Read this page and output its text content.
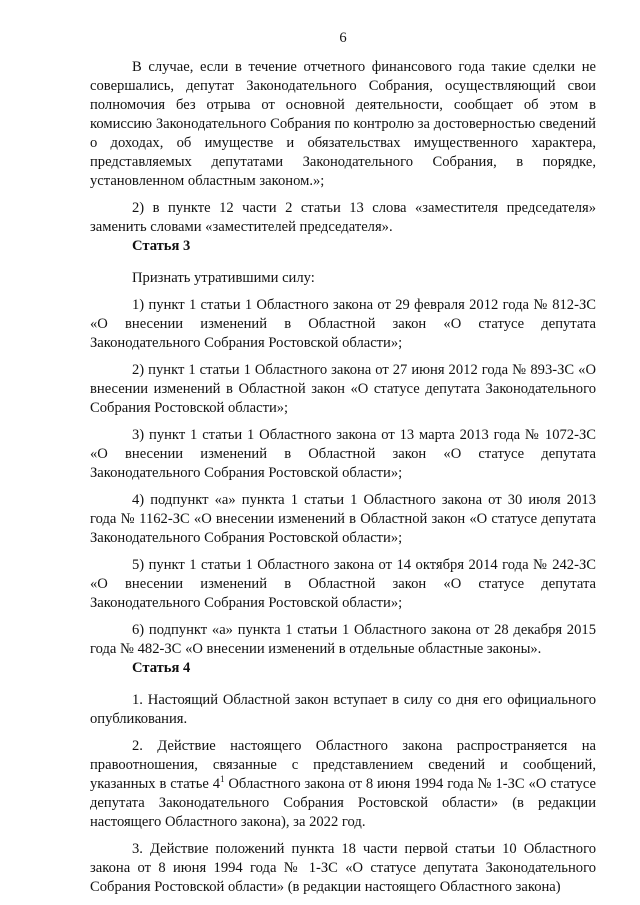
6

В случае, если в течение отчетного финансового года такие сделки не совершались, депутат Законодательного Собрания, осуществляющий свои полномочия без отрыва от основной деятельности, сообщает об этом в комиссию Законодательного Собрания по контролю за достоверностью сведений о доходах, об имуществе и обязательствах имущественного характера, представляемых депутатами Законодательного Собрания, в порядке, установленном областным законом.»;

2) в пункте 12 части 2 статьи 13 слова «заместителя председателя» заменить словами «заместителей председателя».

Статья 3

Признать утратившими силу:

1) пункт 1 статьи 1 Областного закона от 29 февраля 2012 года № 812-ЗС «О внесении изменений в Областной закон «О статусе депутата Законодательного Собрания Ростовской области»;

2) пункт 1 статьи 1 Областного закона от 27 июня 2012 года № 893-ЗС «О внесении изменений в Областной закон «О статусе депутата Законодательного Собрания Ростовской области»;

3) пункт 1 статьи 1 Областного закона от 13 марта 2013 года № 1072-ЗС «О внесении изменений в Областной закон «О статусе депутата Законодательного Собрания Ростовской области»;

4) подпункт «а» пункта 1 статьи 1 Областного закона от 30 июля 2013 года № 1162-ЗС «О внесении изменений в Областной закон «О статусе депутата Законодательного Собрания Ростовской области»;

5) пункт 1 статьи 1 Областного закона от 14 октября 2014 года № 242-ЗС «О внесении изменений в Областной закон «О статусе депутата Законодательного Собрания Ростовской области»;

6) подпункт «а» пункта 1 статьи 1 Областного закона от 28 декабря 2015 года № 482-ЗС «О внесении изменений в отдельные областные законы».

Статья 4

1. Настоящий Областной закон вступает в силу со дня его официального опубликования.

2. Действие настоящего Областного закона распространяется на правоотношения, связанные с представлением сведений и сообщений, указанных в статье $4^1$ Областного закона от 8 июня 1994 года № 1-ЗС «О статусе депутата Законодательного Собрания Ростовской области» (в редакции настоящего Областного закона), за 2022 год.

3. Действие положений пункта 18 части первой статьи 10 Областного закона от 8 июня 1994 года № 1-ЗС «О статусе депутата Законодательного Собрания Ростовской области» (в редакции настоящего Областного закона)
